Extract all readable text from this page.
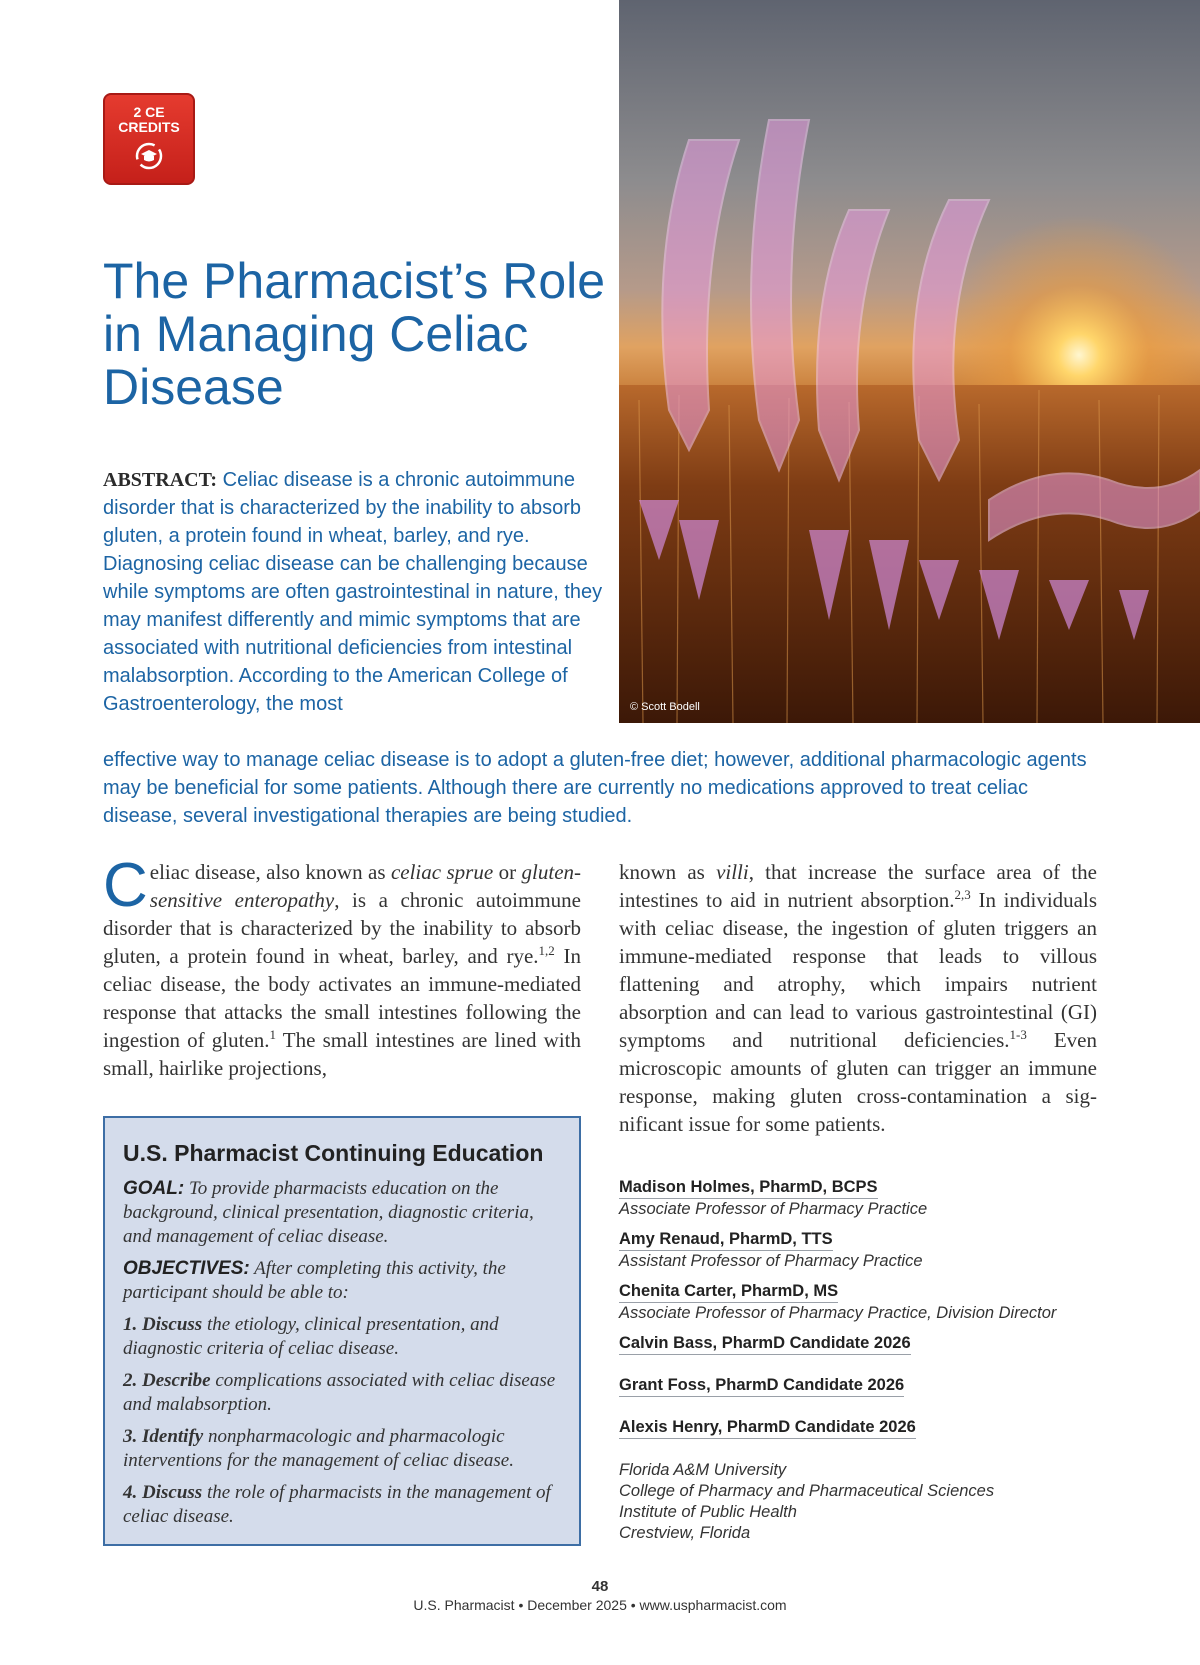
2 CE
CREDITS
The Pharmacist’s Role in Managing Celiac Disease
© Scott Bodell
ABSTRACT: Celiac disease is a chronic autoimmune disorder that is characterized by the inability to absorb gluten, a protein found in wheat, barley, and rye. Diagnosing celiac disease can be challenging because while symptoms are often gastrointestinal in nature, they may manifest differently and mimic symptoms that are associated with nutritional deficiencies from intestinal malabsorption. According to the American College of Gastroenterology, the most
effective way to manage celiac disease is to adopt a gluten-free diet; however, additional pharmacologic agents may be beneficial for some patients. Although there are currently no medications approved to treat celiac disease, several investigational therapies are being studied.
Celiac disease, also known as celiac sprue or gluten-sensitive enteropathy, is a chronic autoimmune disorder that is characterized by the inability to absorb gluten, a protein found in wheat, barley, and rye.$^{1,2}$ In celiac disease, the body activates an immune-mediated response that attacks the small intestines following the ingestion of gluten.$^1$ The small intestines are lined with small, hairlike projections,
known as villi, that increase the surface area of the intestines to aid in nutrient absorption.$^{2,3}$ In individuals with celiac disease, the ingestion of gluten triggers an immune-mediated response that leads to villous flattening and atrophy, which impairs nutrient absorption and can lead to various gastrointestinal (GI) symptoms and nutritional deficiencies.$^{1-3}$ Even microscopic amounts of gluten can trigger an immune response, making gluten cross-contamination a significant issue for some patients.
U.S. Pharmacist Continuing Education

GOAL: To provide pharmacists education on the background, clinical presentation, diagnostic criteria, and management of celiac disease.

OBJECTIVES: After completing this activity, the participant should be able to:

1. Discuss the etiology, clinical presentation, and diagnostic criteria of celiac disease.

2. Describe complications associated with celiac disease and malabsorption.

3. Identify nonpharmacologic and pharmacologic interventions for the management of celiac disease.

4. Discuss the role of pharmacists in the management of celiac disease.

Madison Holmes, PharmD, BCPS
Associate Professor of Pharmacy Practice
Amy Renaud, PharmD, TTS
Assistant Professor of Pharmacy Practice
Chenita Carter, PharmD, MS
Associate Professor of Pharmacy Practice, Division Director
Calvin Bass, PharmD Candidate 2026
Grant Foss, PharmD Candidate 2026
Alexis Henry, PharmD Candidate 2026
Florida A&M University
College of Pharmacy and Pharmaceutical Sciences
Institute of Public Health
Crestview, Florida
48
U.S. Pharmacist • December 2025 • www.uspharmacist.com
